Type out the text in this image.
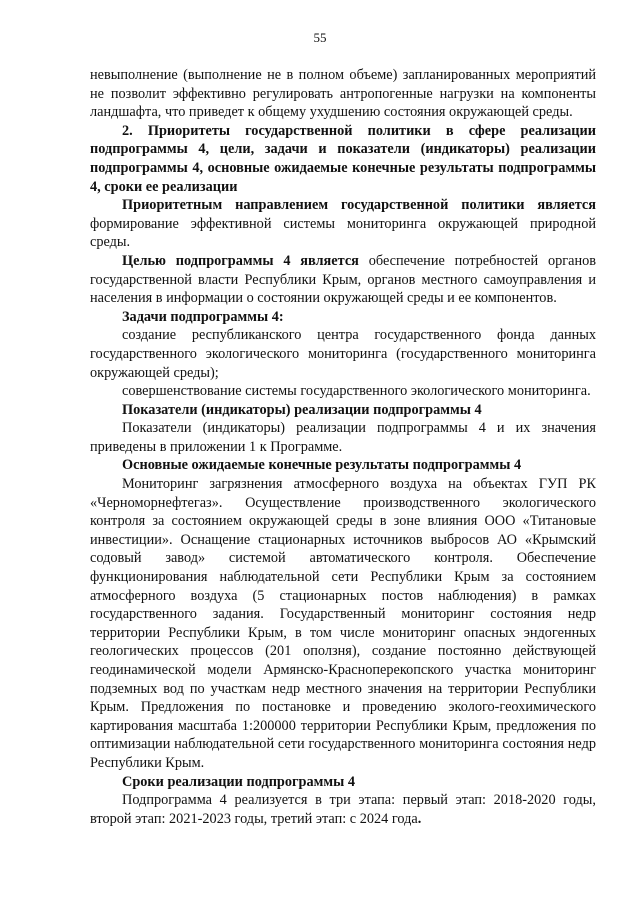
55

невыполнение (выполнение не в полном объеме) запланированных мероприятий не позволит эффективно регулировать антропогенные нагрузки на компоненты ландшафта, что приведет к общему ухудшению состояния окружающей среды.

2. Приоритеты государственной политики в сфере реализации подпрограммы 4, цели, задачи и показатели (индикаторы) реализации подпрограммы 4, основные ожидаемые конечные результаты подпрограммы 4, сроки ее реализации

Приоритетным направлением государственной политики является формирование эффективной системы мониторинга окружающей природной среды.

Целью подпрограммы 4 является обеспечение потребностей органов государственной власти Республики Крым, органов местного самоуправления и населения в информации о состоянии окружающей среды и ее компонентов.

Задачи подпрограммы 4:

создание республиканского центра государственного фонда данных государственного экологического мониторинга (государственного мониторинга окружающей среды);

совершенствование системы государственного экологического мониторинга.

Показатели (индикаторы) реализации подпрограммы 4

Показатели (индикаторы) реализации подпрограммы 4 и их значения приведены в приложении 1 к Программе.

Основные ожидаемые конечные результаты подпрограммы 4

Мониторинг загрязнения атмосферного воздуха на объектах ГУП РК «Черноморнефтегаз». Осуществление производственного экологического контроля за состоянием окружающей среды в зоне влияния ООО «Титановые инвестиции». Оснащение стационарных источников выбросов АО «Крымский содовый завод» системой автоматического контроля. Обеспечение функционирования наблюдательной сети Республики Крым за состоянием атмосферного воздуха (5 стационарных постов наблюдения) в рамках государственного задания. Государственный мониторинг состояния недр территории Республики Крым, в том числе мониторинг опасных эндогенных геологических процессов (201 оползня), создание постоянно действующей геодинамической модели Армянско-Красноперекопского участка мониторинг подземных вод по участкам недр местного значения на территории Республики Крым. Предложения по постановке и проведению эколого-геохимического картирования масштаба 1:200000 территории Республики Крым, предложения по оптимизации наблюдательной сети государственного мониторинга состояния недр Республики Крым.

Сроки реализации подпрограммы 4

Подпрограмма 4 реализуется в три этапа: первый этап: 2018-2020 годы, второй этап: 2021-2023 годы, третий этап: с 2024 года.
